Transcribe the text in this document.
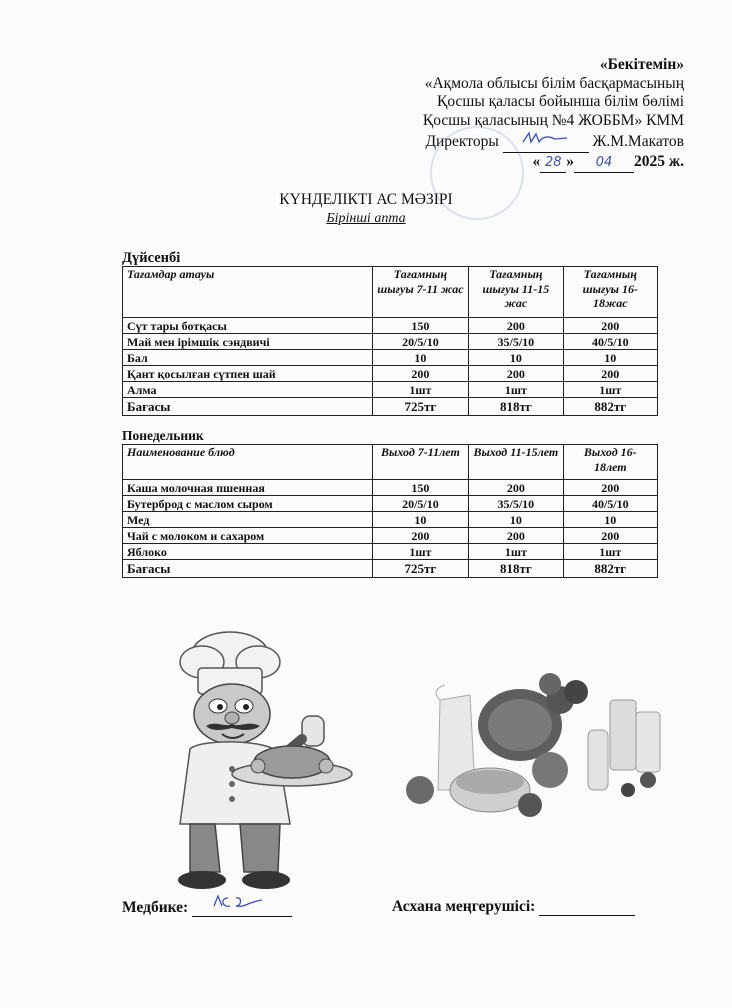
«Бекітемін»
«Ақмола облысы білім басқармасының
Қосшы қаласы бойынша білім бөлімі
Қосшы қаласының №4 ЖОББМ» КММ
Директоры	Ж.М.Макатов
« 28 » 04 2025 ж.
КҮНДЕЛІКТІ АС МӘЗІРІ
Бірінші апта
Дүйсенбі
Тағамдар атауы	Тағамның шығуы 7-11 жас	Тағамның шығуы 11-15 жас	Тағамның шығуы 16-18жас
Сүт тары ботқасы	150	200	200
Май мен ірімшік сэндвичі	20/5/10	35/5/10	40/5/10
Бал	10	10	10
Қант қосылған сүтпен шай	200	200	200
Алма	1шт	1шт	1шт
Бағасы	725тг	818тг	882тг
Понедельник
Наименование блюд	Выход 7-11лет	Выход 11-15лет	Выход 16-18лет
Каша молочная пшенная	150	200	200
Бутерброд с маслом сыром	20/5/10	35/5/10	40/5/10
Мед	10	10	10
Чай с молоком и сахаром	200	200	200
Яблоко	1шт	1шт	1шт
Бағасы	725тг	818тг	882тг
Медбике:	Асхана меңгерушісі:
